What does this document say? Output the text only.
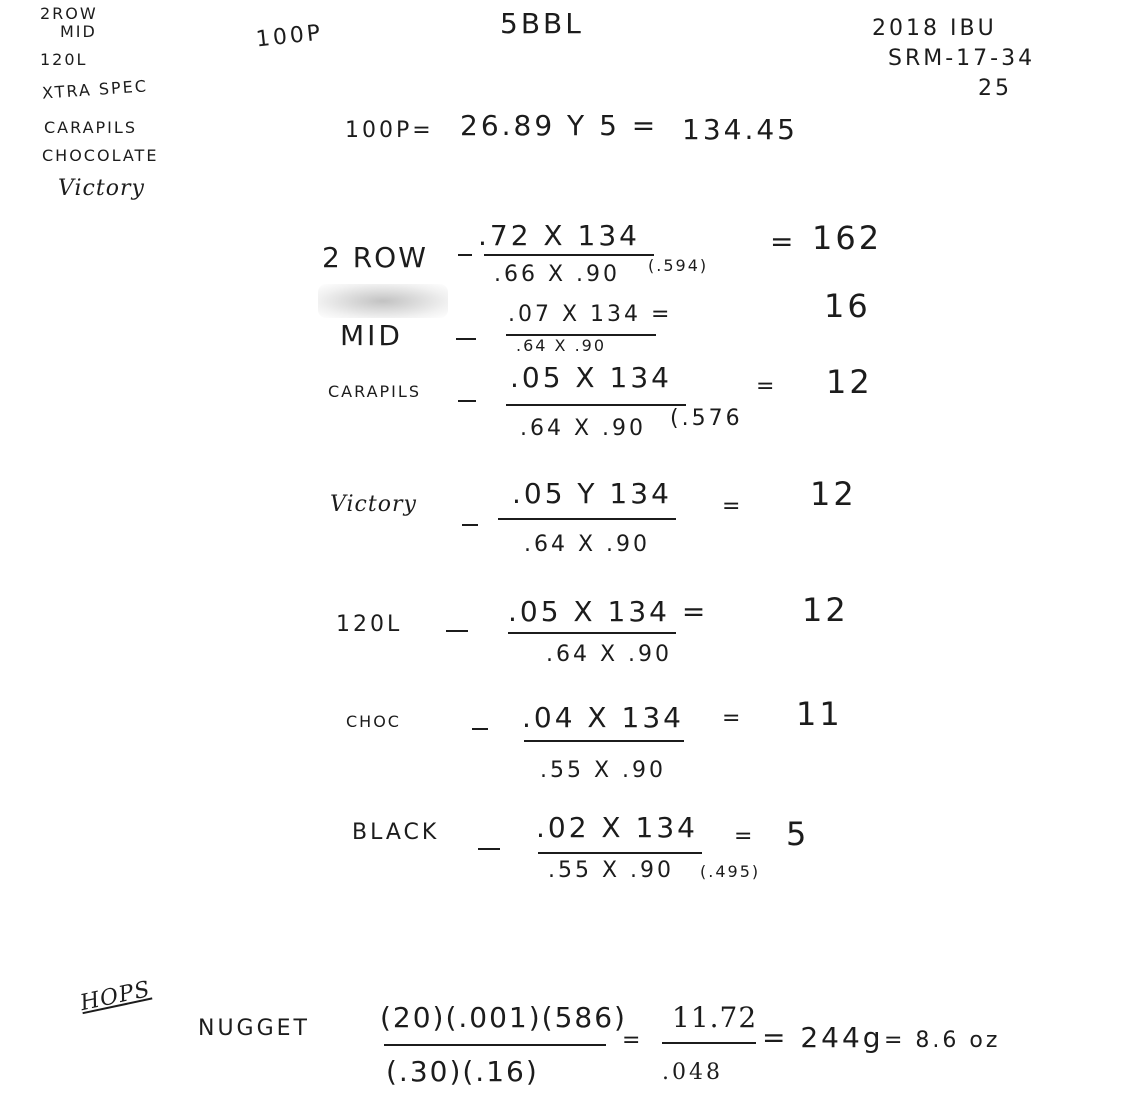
2ROW
MID
120L
XTRA SPEC
CARAPILS
CHOCOLATE
Victory
100P	5BBL	2018 IBU
SRM-17-34
25
100P= 26.89 Y 5 = 134.45
2 ROW
.72 X 134
.66 X .90 (.594)
= 162
MID
.07 X 134 =
.64 X .90
16
CARAPILS	.05 X 134
.64 X .90 (.576
= 12
Victory	.05 Y 134
.64 X .90
= 12
120L	.05 X 134 =
.64 X .90
12
CHOC	.04 X 134
.55 X .90
= 11
BLACK	.02 X 134
.55 X .90 (.495)
= 5
HOPS
NUGGET	(20)(.001)(586)
(.30)(.16)
=
11.72
.048
= 244g = 8.6 oz
